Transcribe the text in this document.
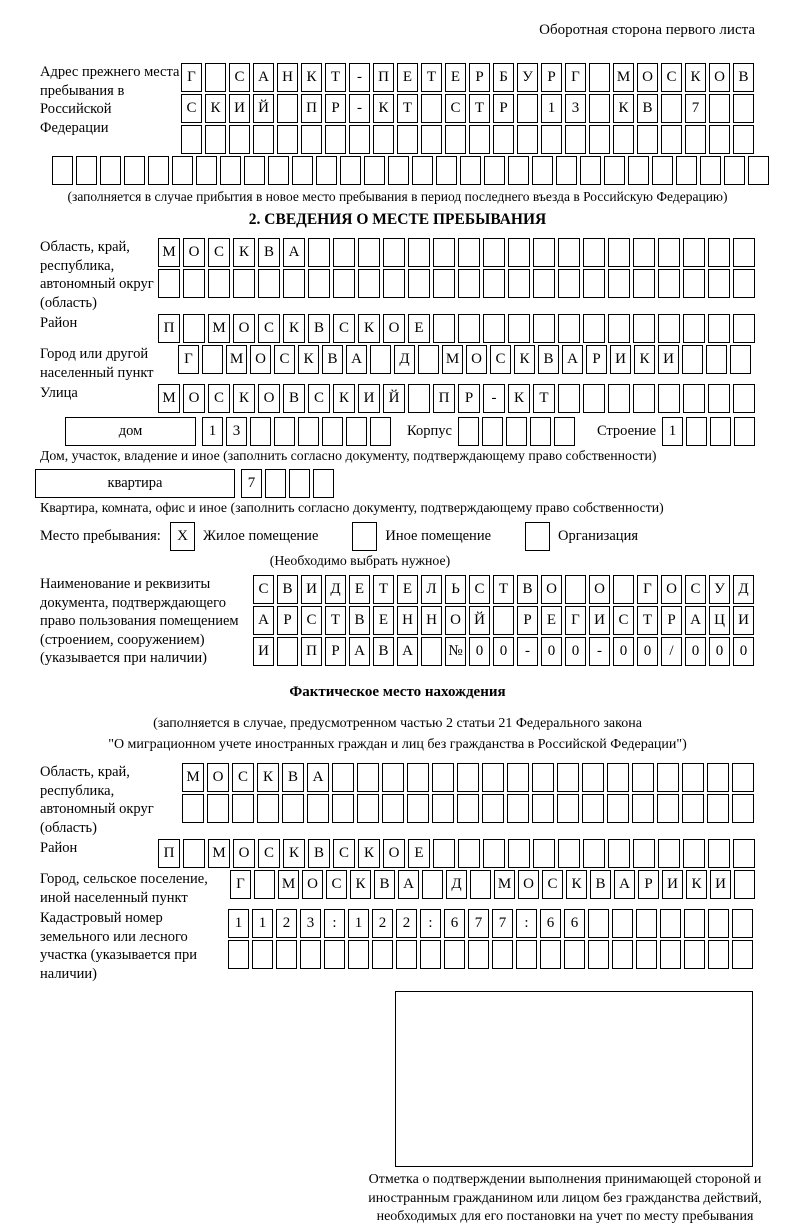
Оборотная сторона первого листа
Адрес прежнего места пребывания в Российской Федерации
Г	С А Н К Т	-	П Е Т Е	Р	Б У Р	Г	М О С К О В
С К И Й	П Р	-	К Т	С Т	Р	1	3	К В	7
(заполняется в случае прибытия в новое место пребывания в период последнего въезда в Российскую Федерацию)
2. СВЕДЕНИЯ О МЕСТЕ ПРЕБЫВАНИЯ
Область, край, республика, автономный округ (область)
М О С К В А
Район	П	М О С К В С К О Е
Город или другой населенный пункт
Г	М О С К В А	Д	М О С К В А Р И К И
Улица	М О С К О В С К И Й	П	Р	-	К	Т
дом	1	3	Корпус	Строение 1
Дом, участок, владение и иное (заполнить согласно документу, подтверждающему право собственности)
квартира	7
Квартира, комната, офис и иное (заполнить согласно документу, подтверждающему право собственности)
Место пребывания:	X	Жилое помещение	Иное помещение	Организация
(Необходимо выбрать нужное)
Наименование и реквизиты документа, подтверждающего право пользования помещением (строением, сооружением) (указывается при наличии)
С В И Д Е Т Е Л Ь С Т В О	О	Г О С У Д
А Р С Т В Е Н Н О Й	Р	Е	Г И С Т	Р А Ц И
И	П Р А В А	№ 0	0	-	0	0	-	0	0	/	0	0	0
Фактическое место нахождения
(заполняется в случае, предусмотренном частью 2 статьи 21 Федерального закона
"О миграционном учете иностранных граждан и лиц без гражданства в Российской Федерации")
Область, край, республика, автономный округ (область)
М О С К В А
Район	П	М О С К В С К О Е
Город, сельское поселение, иной населенный пункт
Г	М О С К В А	Д	М О С К В А Р И К И
Кадастровый номер земельного или лесного участка (указывается при наличии)
1	1	2	3	:	1	2	2	:	6	7	7	:	6	6
Отметка о подтверждении выполнения принимающей стороной и иностранным гражданином или лицом без гражданства действий, необходимых для его постановки на учет по месту пребывания
